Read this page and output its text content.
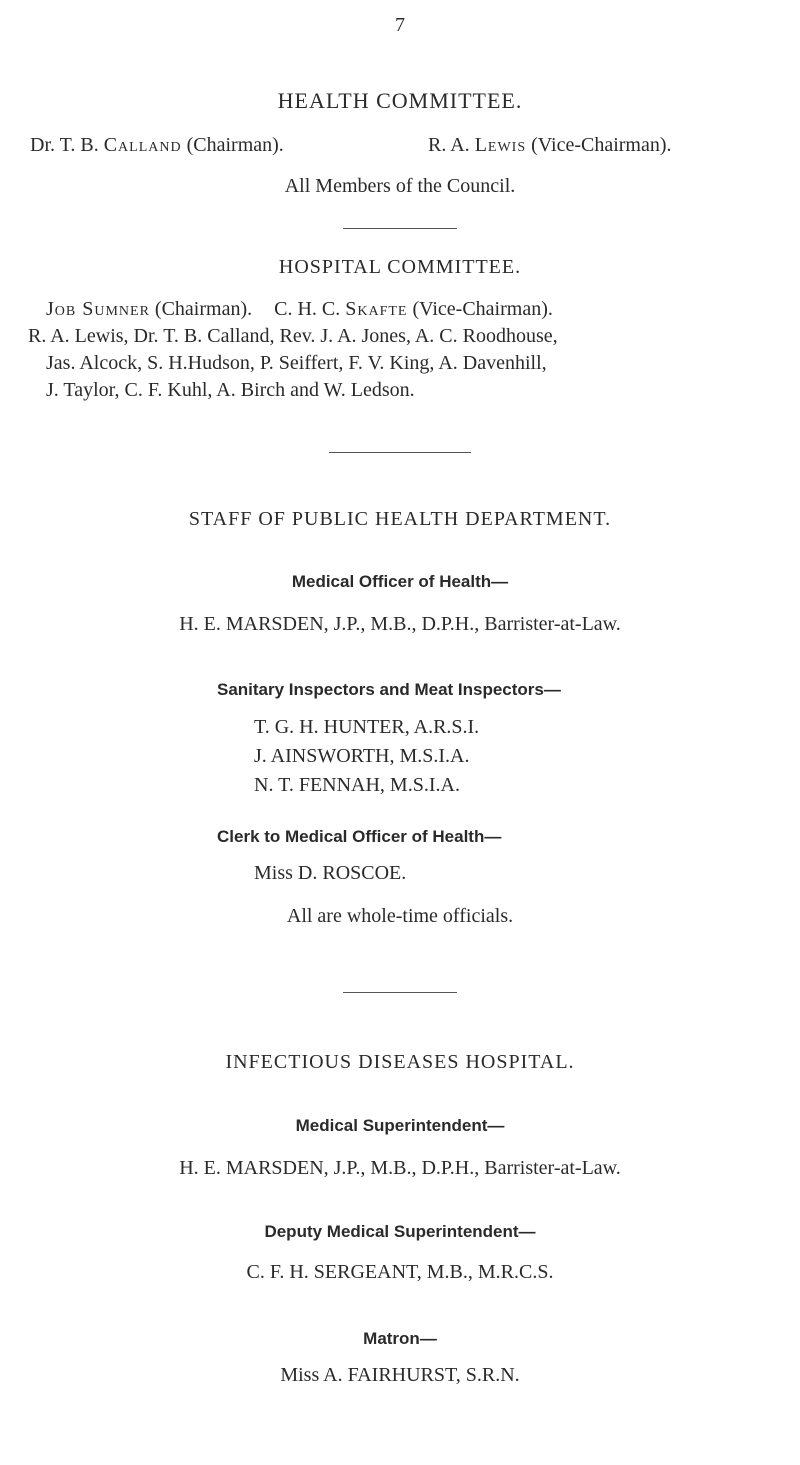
7
HEALTH COMMITTEE.
Dr. T. B. Calland (Chairman).	R. A. Lewis (Vice-Chairman).
All Members of the Council.
HOSPITAL COMMITTEE.
Job Sumner (Chairman). C. H. C. Skafte (Vice-Chairman).
R. A. Lewis, Dr. T. B. Calland, Rev. J. A. Jones, A. C. Roodhouse,
Jas. Alcock, S. H.Hudson, P. Seiffert, F. V. King, A. Davenhill,
J. Taylor, C. F. Kuhl, A. Birch and W. Ledson.
STAFF OF PUBLIC HEALTH DEPARTMENT.
Medical Officer of Health—
H. E. MARSDEN, J.P., M.B., D.P.H., Barrister-at-Law.
Sanitary Inspectors and Meat Inspectors—
T. G. H. HUNTER, A.R.S.I.
J. AINSWORTH, M.S.I.A.
N. T. FENNAH, M.S.I.A.
Clerk to Medical Officer of Health—
Miss D. ROSCOE.
All are whole-time officials.
INFECTIOUS DISEASES HOSPITAL.
Medical Superintendent—
H. E. MARSDEN, J.P., M.B., D.P.H., Barrister-at-Law.
Deputy Medical Superintendent—
C. F. H. SERGEANT, M.B., M.R.C.S.
Matron—
Miss A. FAIRHURST, S.R.N.
